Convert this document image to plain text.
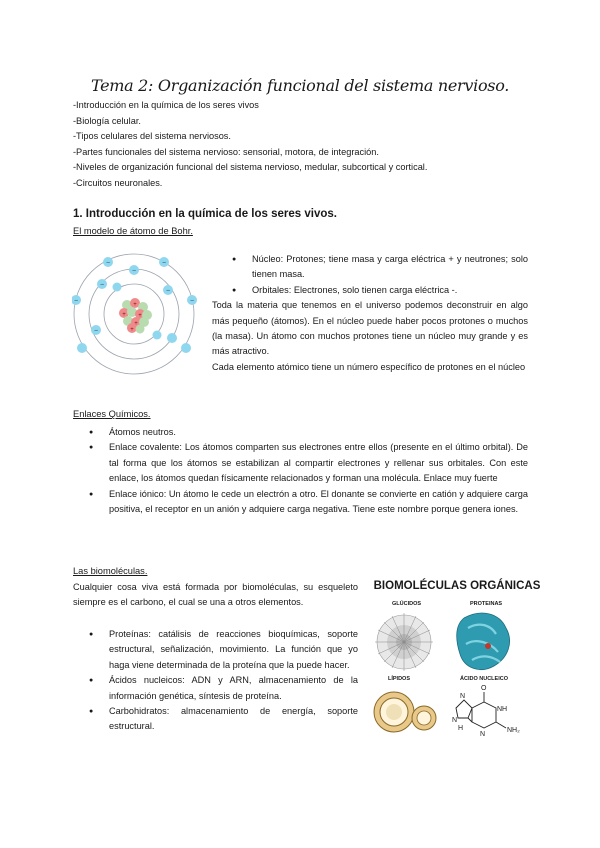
Tema 2: Organización funcional del sistema nervioso.
-Introducción en la química de los seres vivos
-Biología celular.
-Tipos celulares del sistema nerviosos.
-Partes funcionales del sistema nervioso: sensorial, motora, de integración.
-Niveles de organización funcional del sistema nervioso, medular, subcortical y cortical.
-Circuitos neuronales.
1. Introducción en la química de los seres vivos.
El modelo de átomo de Bohr.
+
+ +
+
+
−	−
−	−
−
−
−
−
● Núcleo: Protones; tiene masa y carga eléctrica + y neutrones; solo tienen masa.
● Orbitales: Electrones, solo tienen carga eléctrica -.
Toda la materia que tenemos en el universo podemos deconstruir en algo más pequeño (átomos). En el núcleo puede haber pocos protones o muchos (la masa). Un átomo con muchos protones tiene un núcleo muy grande y es más atractivo.
Cada elemento atómico tiene un número específico de protones en el núcleo
Enlaces Químicos.
● Átomos neutros.
● Enlace covalente: Los átomos comparten sus electrones entre ellos (presente en el último orbital). De tal forma que los átomos se estabilizan al compartir electrones y rellenar sus orbitales. Con este enlace, los átomos quedan físicamente relacionados y forman una molécula. Enlace muy fuerte
● Enlace iónico: Un átomo le cede un electrón a otro. El donante se convierte en catión y adquiere carga positiva, el receptor en un anión y adquiere carga negativa. Tiene este nombre porque genera iones.
Las biomoléculas.
Cualquier cosa viva está formada por biomoléculas, su esqueleto siempre es el carbono, el cual se una a otros elementos.
● Proteínas: catálisis de reacciones bioquímicas, soporte estructural, señalización, movimiento. La función que yo haga viene determinada de la proteína que la puede hacer.
● Ácidos nucleicos: ADN y ARN, almacenamiento de la información genética, síntesis de proteína.
● Carbohidratos: almacenamiento de energía, soporte estructural.
BIOMOLÉCULAS ORGÁNICAS
GLÚCIDOS	PROTEINAS
LÍPIDOS	ÁCIDO NUCLEICO
N
N
NH
N
H	NH₂
O
